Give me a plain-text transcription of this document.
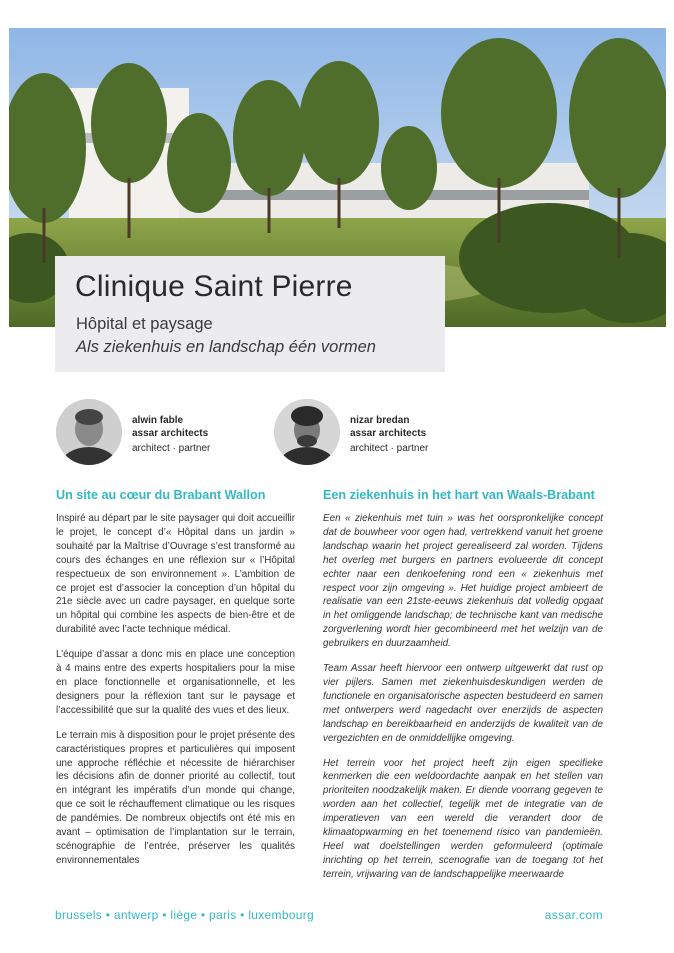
Clinique Saint Pierre
Hôpital et paysage
Als ziekenhuis en landschap één vormen
alwin fable
assar architects
architect · partner
nizar bredan
assar architects
architect · partner
Un site au cœur du Brabant Wallon	Een ziekenhuis in het hart van Waals-Brabant

Inspiré au départ par le site paysager qui doit accueillir le projet, le concept d’« Hôpital dans un jardin » souhaité par la Maîtrise d’Ouvrage s’est transformé au cours des échanges en une réflexion sur « l’Hôpital respectueux de son environnement ». L’ambition de ce projet est d’associer la conception d’un hôpital du 21e siècle avec un cadre paysager, en quelque sorte un hôpital qui combine les aspects de bien-être et de durabilité avec l’acte technique médical.

L’équipe d’assar a donc mis en place une conception à 4 mains entre des experts hospitaliers pour la mise en place fonctionnelle et organisationnelle, et les designers pour la réflexion tant sur le paysage et l’accessibilité que sur la qualité des vues et des lieux.

Le terrain mis à disposition pour le projet présente des caractéristiques propres et particulières qui imposent une approche réfléchie et nécessite de hiérarchiser les décisions afin de donner priorité au collectif, tout en intégrant les impératifs d’un monde qui change, que ce soit le réchauffement climatique ou les risques de pandémies. De nombreux objectifs ont été mis en avant – optimisation de l’implantation sur le terrain, scénographie de l’entrée, préserver les qualités environnementales

Een « ziekenhuis met tuin » was het oorspronkelijke concept dat de bouwheer voor ogen had, vertrekkend vanuit het groene landschap waarin het project gerealiseerd zal worden. Tijdens het overleg met burgers en partners evolueerde dit concept echter naar een denkoefening rond een « ziekenhuis met respect voor zijn omgeving ». Het huidige project ambieert de realisatie van een 21ste-eeuws ziekenhuis dat volledig opgaat in het omliggende landschap; de technische kant van medische zorgverlening wordt hier gecombineerd met het welzijn van de gebruikers en duurzaamheid.

Team Assar heeft hiervoor een ontwerp uitgewerkt dat rust op vier pijlers. Samen met ziekenhuisdeskundigen werden de functionele en organisatorische aspecten bestudeerd en samen met ontwerpers werd nagedacht over enerzijds de aspecten landschap en bereikbaarheid en anderzijds de kwaliteit van de vergezichten en de onmiddellijke omgeving.

Het terrein voor het project heeft zijn eigen specifieke kenmerken die een weldoordachte aanpak en het stellen van prioriteiten noodzakelijk maken. Er diende voorrang gegeven te worden aan het collectief, tegelijk met de integratie van de imperatieven van een wereld die verandert door de klimaatopwarming en het toenemend risico van pandemieën. Heel wat doelstellingen werden geformuleerd (optimale inrichting op het terrein, scenografie van de toegang tot het terrein, vrijwaring van de landschappelijke meerwaarde

brussels • antwerp • liège • paris • luxembourg	assar.com
